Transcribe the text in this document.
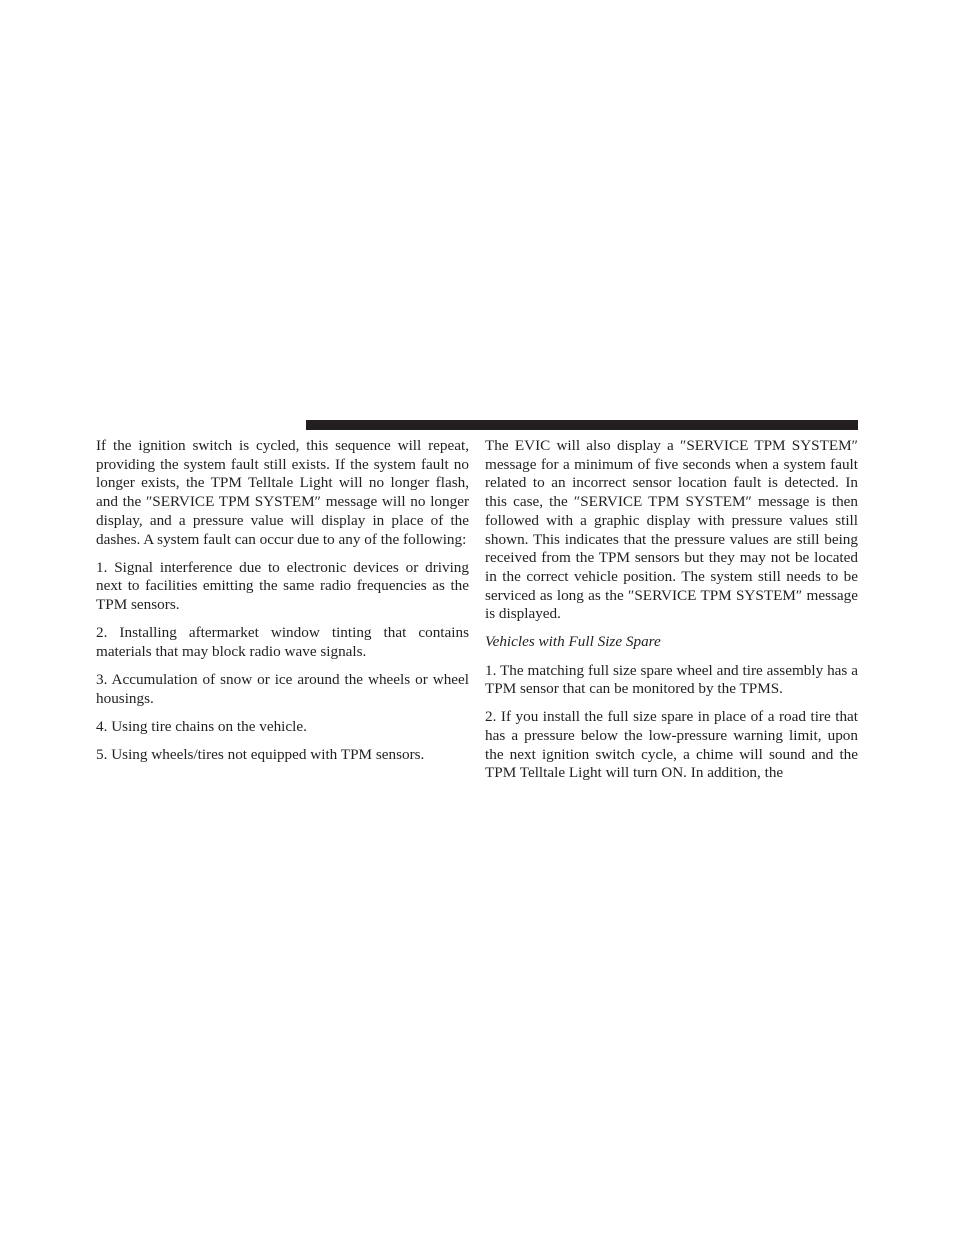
If the ignition switch is cycled, this sequence will repeat, providing the system fault still exists. If the system fault no longer exists, the TPM Telltale Light will no longer flash, and the ″SERVICE TPM SYSTEM″ message will no longer display, and a pressure value will display in place of the dashes. A system fault can occur due to any of the following:

1. Signal interference due to electronic devices or driving next to facilities emitting the same radio frequencies as the TPM sensors.

2. Installing aftermarket window tinting that contains materials that may block radio wave signals.

3. Accumulation of snow or ice around the wheels or wheel housings.

4. Using tire chains on the vehicle.

5. Using wheels/tires not equipped with TPM sensors.

The EVIC will also display a ″SERVICE TPM SYSTEM″ message for a minimum of five seconds when a system fault related to an incorrect sensor location fault is detected. In this case, the ″SERVICE TPM SYSTEM″ message is then followed with a graphic display with pressure values still shown. This indicates that the pressure values are still being received from the TPM sensors but they may not be located in the correct vehicle position. The system still needs to be serviced as long as the ″SERVICE TPM SYSTEM″ message is displayed.

Vehicles with Full Size Spare

1. The matching full size spare wheel and tire assembly has a TPM sensor that can be monitored by the TPMS.

2. If you install the full size spare in place of a road tire that has a pressure below the low-pressure warning limit, upon the next ignition switch cycle, a chime will sound and the TPM Telltale Light will turn ON. In addition, the
